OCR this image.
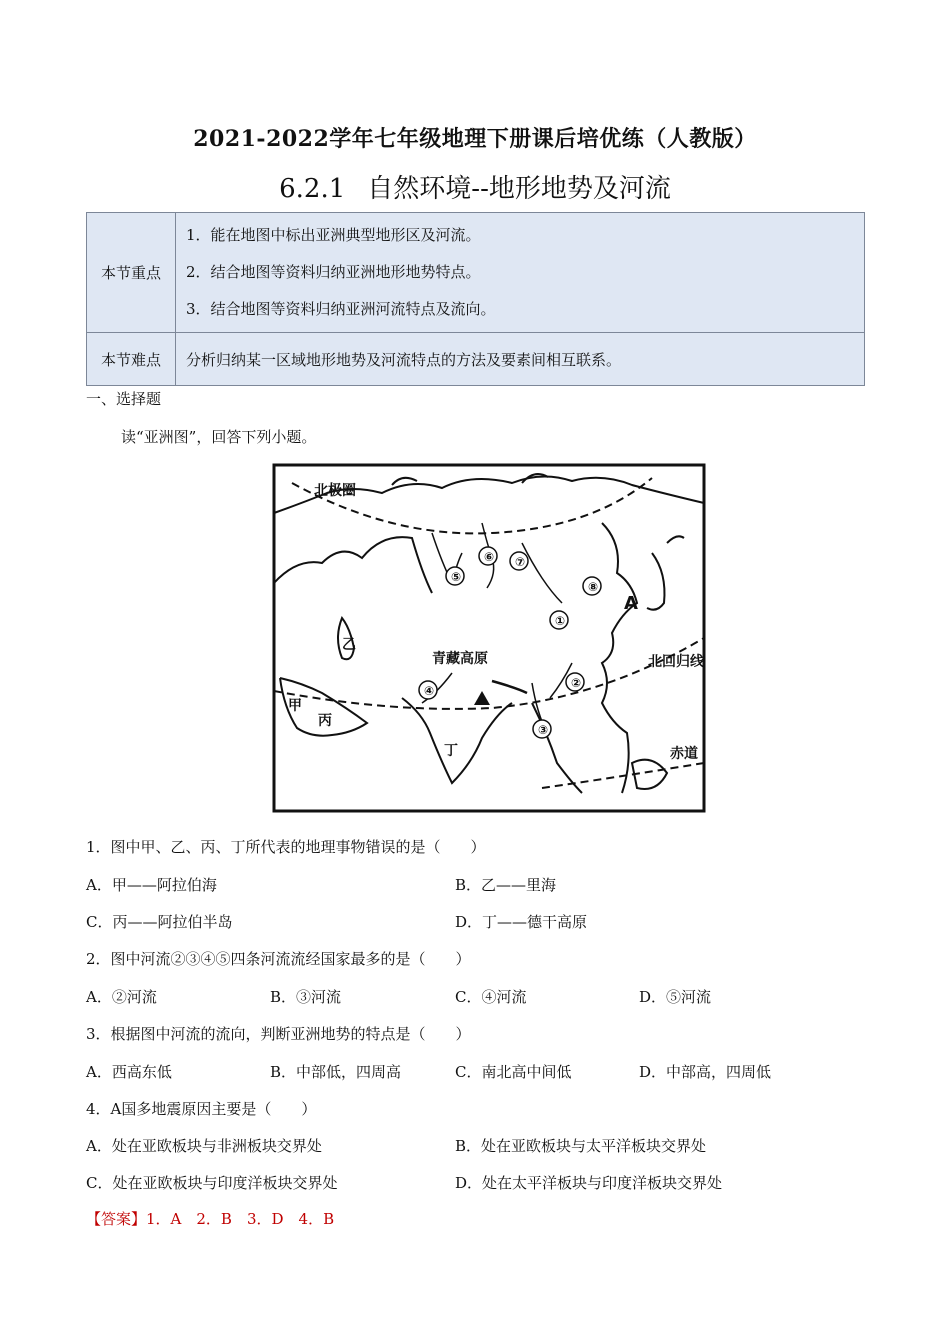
2021-2022学年七年级地理下册课后培优练（人教版）
6.2.1 自然环境--地形地势及河流
本节重点	1．能在地图中标出亚洲典型地形区及河流。
2．结合地图等资料归纳亚洲地形地势特点。
3．结合地图等资料归纳亚洲河流特点及流向。

本节难点	分析归纳某一区域地形地势及河流特点的方法及要素间相互联系。
一、选择题
读“亚洲图”，回答下列小题。
北极圈
青藏高原	北回归线
赤道
甲
乙
丙
丁
A
①
②
③
④
⑤
⑥ ⑦
⑧
1．图中甲、乙、丙、丁所代表的地理事物错误的是（　　）
A．甲——阿拉伯海	B．乙——里海
C．丙——阿拉伯半岛	D．丁——德干高原
2．图中河流②③④⑤四条河流流经国家最多的是（　　）
A．②河流	B．③河流	C．④河流	D．⑤河流
3．根据图中河流的流向，判断亚洲地势的特点是（　　）
A．西高东低	B．中部低，四周高	C．南北高中间低	D．中部高，四周低
4．A国多地震原因主要是（　　）
A．处在亚欧板块与非洲板块交界处	B．处在亚欧板块与太平洋板块交界处
C．处在亚欧板块与印度洋板块交界处	D．处在太平洋板块与印度洋板块交界处
【答案】1．A　2．B　3．D　4．B
